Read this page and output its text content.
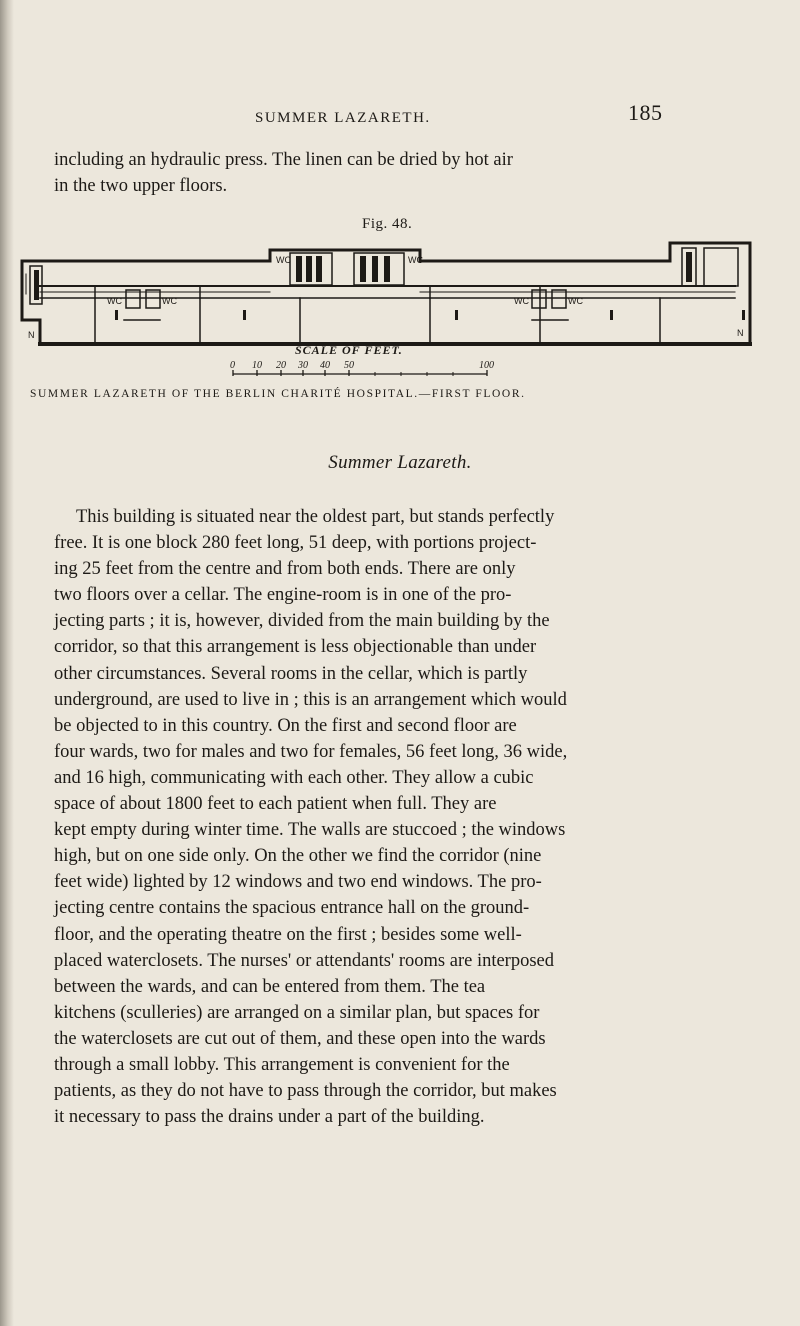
SUMMER LAZARETH.	185
including an hydraulic press. The linen can be dried by hot air
in the two upper floors.
Fig. 48.
WC	WC
WC	WC	WC	WC
N	N
SCALE OF FEET.
0 10 20 30 40 50	100
SUMMER LAZARETH OF THE BERLIN CHARITÉ HOSPITAL.—FIRST FLOOR.
Summer Lazareth.
This building is situated near the oldest part, but stands perfectly
free. It is one block 280 feet long, 51 deep, with portions project-
ing 25 feet from the centre and from both ends. There are only
two floors over a cellar. The engine-room is in one of the pro-
jecting parts ; it is, however, divided from the main building by the
corridor, so that this arrangement is less objectionable than under
other circumstances. Several rooms in the cellar, which is partly
underground, are used to live in ; this is an arrangement which would
be objected to in this country. On the first and second floor are
four wards, two for males and two for females, 56 feet long, 36 wide,
and 16 high, communicating with each other. They allow a cubic
space of about 1800 feet to each patient when full. They are
kept empty during winter time. The walls are stuccoed ; the windows
high, but on one side only. On the other we find the corridor (nine
feet wide) lighted by 12 windows and two end windows. The pro-
jecting centre contains the spacious entrance hall on the ground-
floor, and the operating theatre on the first ; besides some well-
placed waterclosets. The nurses' or attendants' rooms are interposed
between the wards, and can be entered from them. The tea
kitchens (sculleries) are arranged on a similar plan, but spaces for
the waterclosets are cut out of them, and these open into the wards
through a small lobby. This arrangement is convenient for the
patients, as they do not have to pass through the corridor, but makes
it necessary to pass the drains under a part of the building.
